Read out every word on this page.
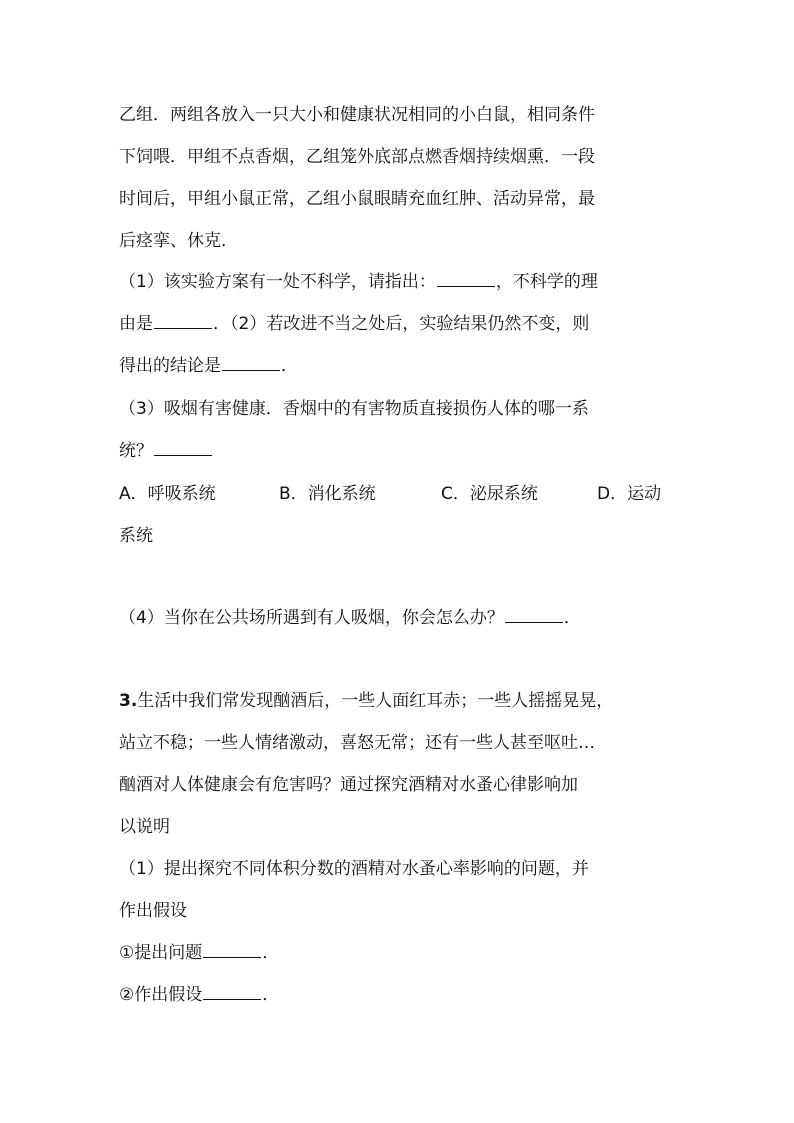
乙组．两组各放入一只大小和健康状况相同的小白鼠，相同条件
下饲喂．甲组不点香烟，乙组笼外底部点燃香烟持续烟熏．一段
时间后，甲组小鼠正常，乙组小鼠眼睛充血红肿、活动异常，最
后痉挛、休克．
（1）该实验方案有一处不科学，请指出：	，不科学的理
由是	．（2）若改进不当之处后，实验结果仍然不变，则
得出的结论是	．
（3）吸烟有害健康．香烟中的有害物质直接损伤人体的哪一系
统？
A．呼吸系统	B．消化系统	C．泌尿系统	D．运动
系统
（4）当你在公共场所遇到有人吸烟，你会怎么办？	．
3.生活中我们常发现酗酒后，一些人面红耳赤；一些人摇摇晃晃，
站立不稳；一些人情绪激动，喜怒无常；还有一些人甚至呕吐…
酗酒对人体健康会有危害吗？通过探究酒精对水蚤心律影响加
以说明
（1）提出探究不同体积分数的酒精对水蚤心率影响的问题，并
作出假设
①提出问题	．
②作出假设	．
